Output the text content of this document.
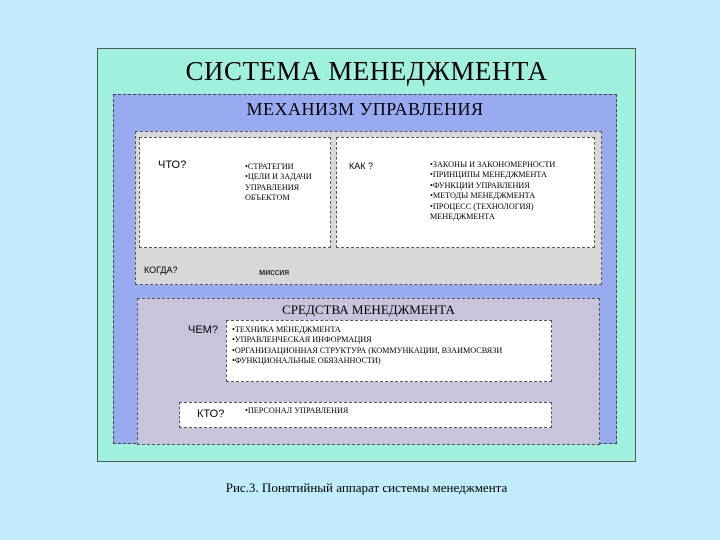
СИСТЕМА МЕНЕДЖМЕНТА
МЕХАНИЗМ УПРАВЛЕНИЯ
ЧТО?	•СТРАТЕГИИ
•ЦЕЛИ И ЗАДАЧИ УПРАВЛЕНИЯ ОБЪЕКТОМ
КАК ?	•ЗАКОНЫ И ЗАКОНОМЕРНОСТИ
•ПРИНЦИПЫ МЕНЕДЖМЕНТА
•ФУНКЦИИ УПРАВЛЕНИЯ
•МЕТОДЫ МЕНЕДЖМЕНТА
•ПРОЦЕСС (ТЕХНОЛОГИЯ) МЕНЕДЖМЕНТА
КОГДА?	миссия
СРЕДСТВА МЕНЕДЖМЕНТА
ЧЕМ? •ТЕХНИКА МЕНЕДЖМЕНТА
•УПРАВЛЕНЧЕСКАЯ ИНФОРМАЦИЯ
•ОРГАНИЗАЦИОННАЯ СТРУКТУРА (КОММУНКАЦИИ, ВЗАИМОСВЯЗИ
•ФУНКЦИОНАЛЬНЫЕ ОБЯЗАННОСТИ)
КТО?	•ПЕРСОНАЛ УПРАВЛЕНИЯ
Рис.3. Понятийный аппарат системы менеджмента
